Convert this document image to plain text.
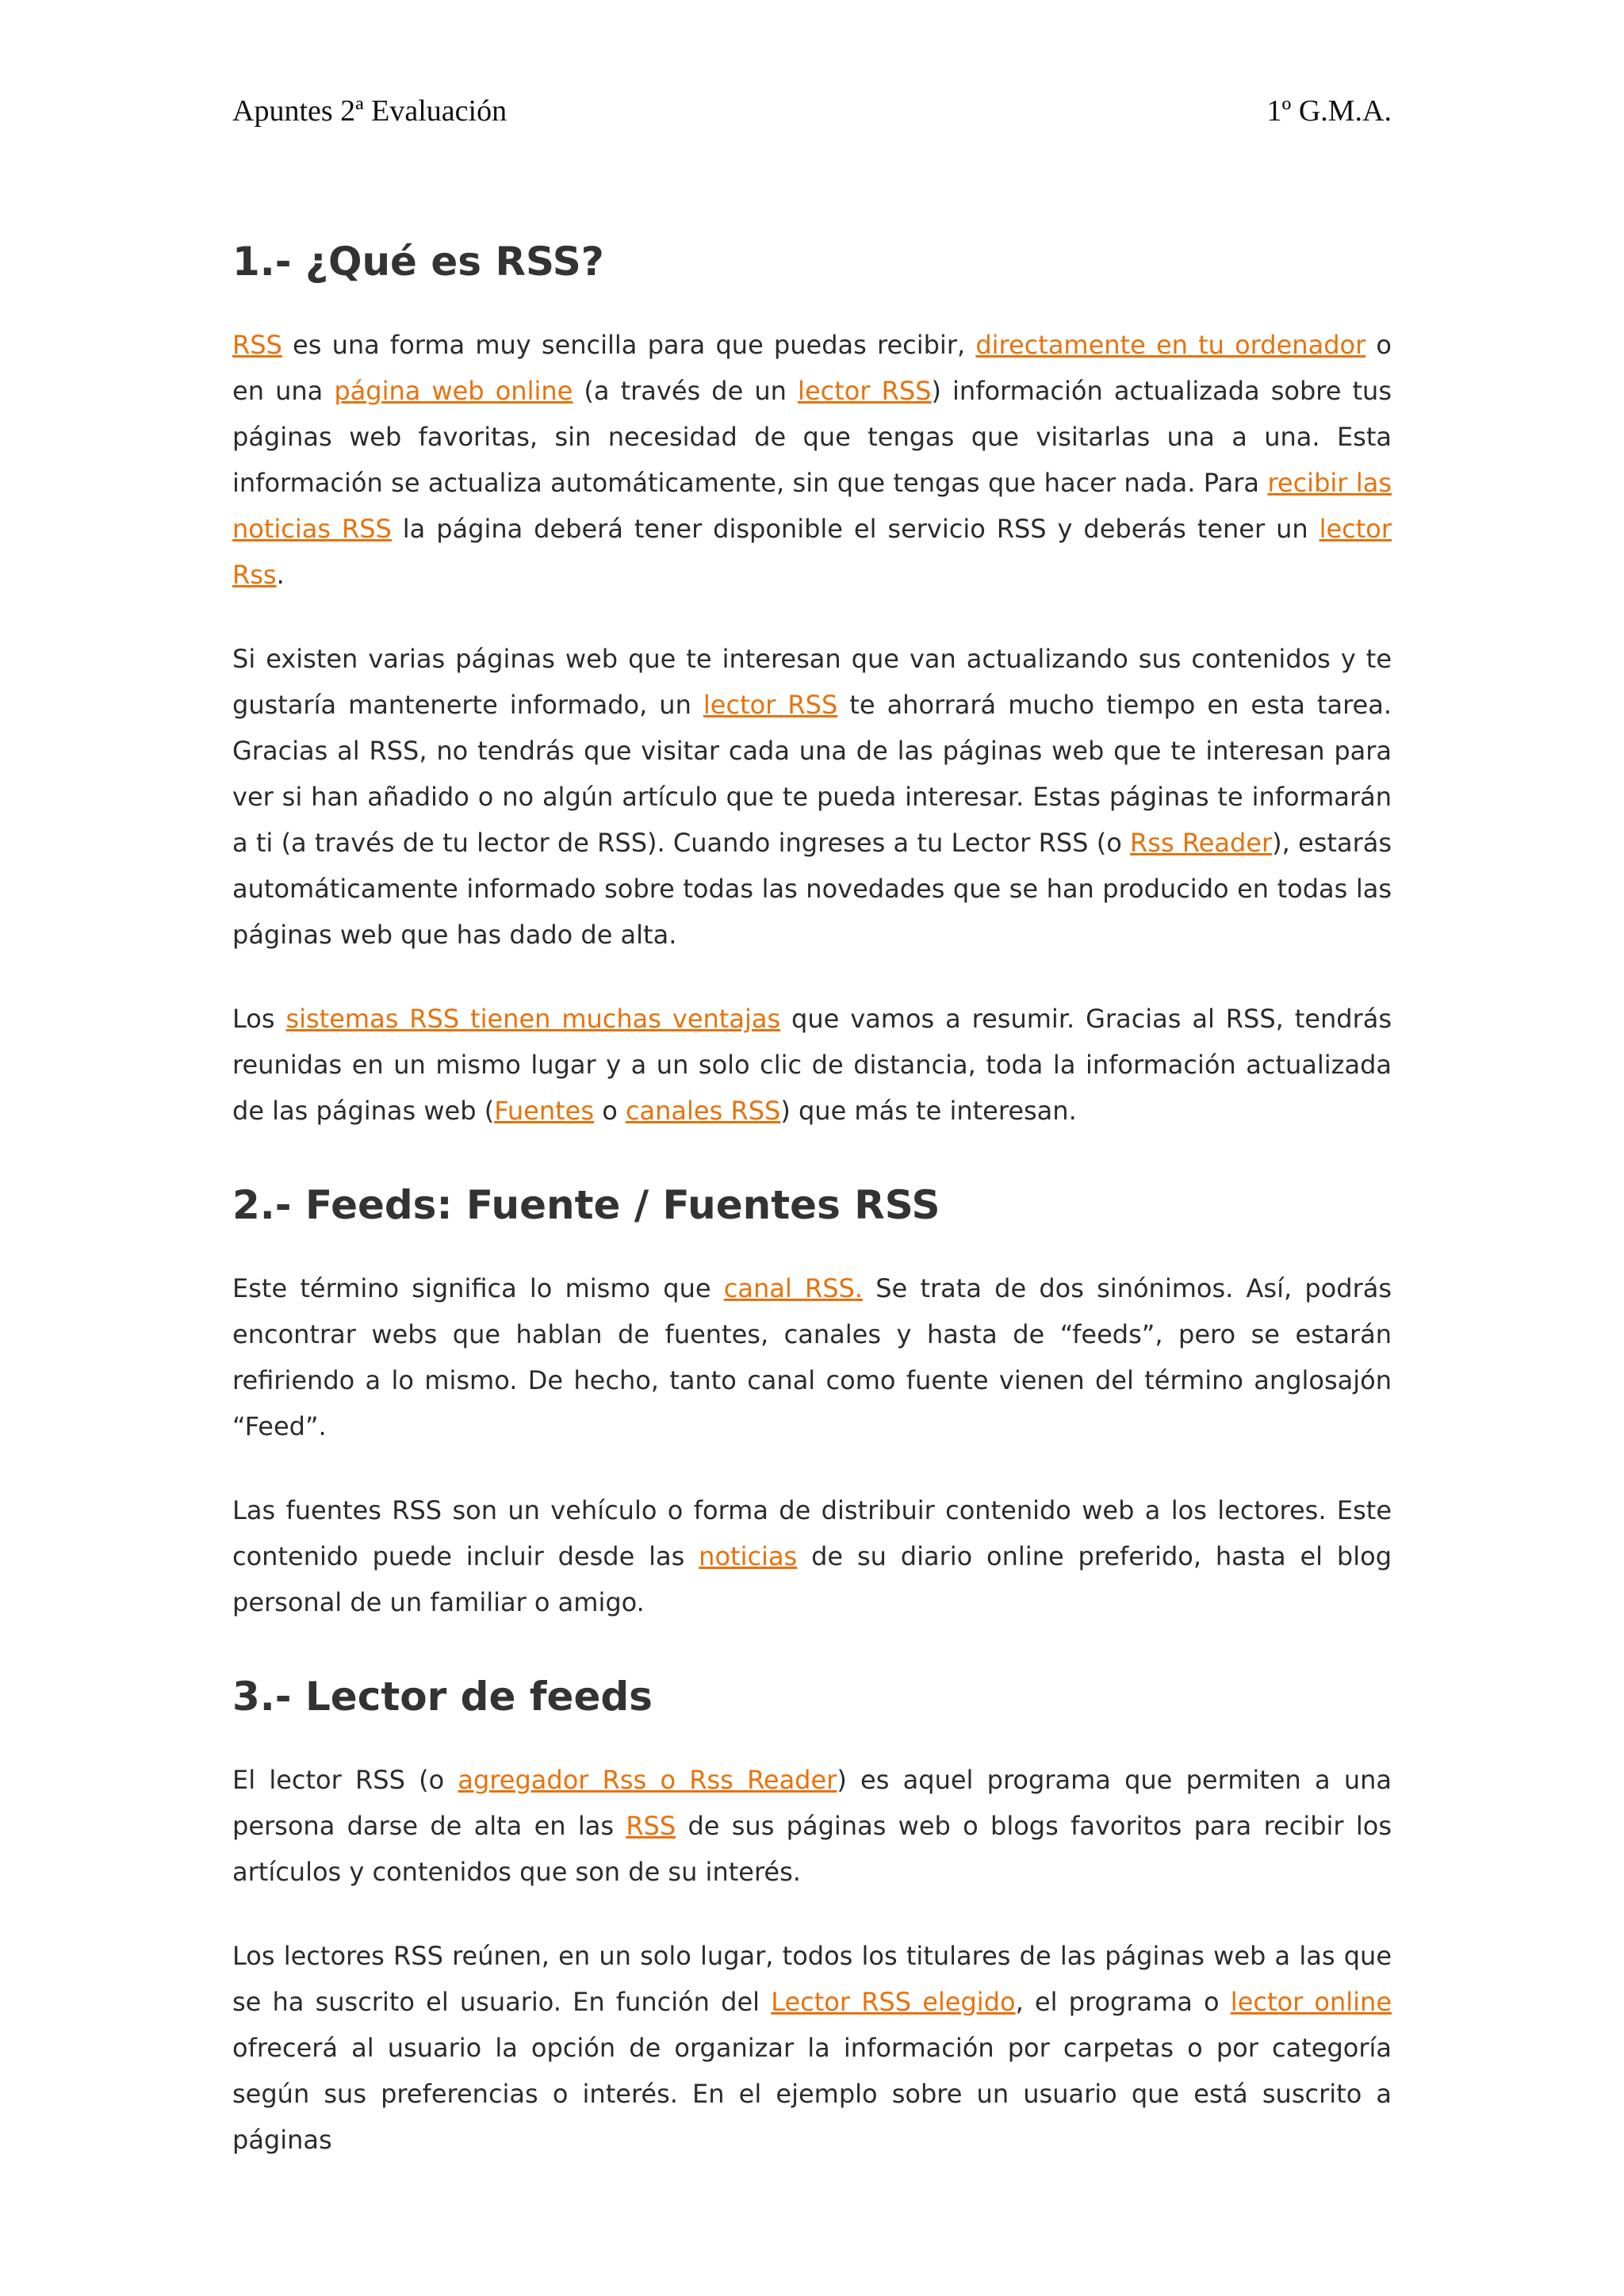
Apuntes 2ª Evaluación	1º G.M.A.
1.- ¿Qué es RSS?

RSS es una forma muy sencilla para que puedas recibir, directamente en tu ordenador o en una página web online (a través de un lector RSS) información actualizada sobre tus páginas web favoritas, sin necesidad de que tengas que visitarlas una a una. Esta información se actualiza automáticamente, sin que tengas que hacer nada. Para recibir las noticias RSS la página deberá tener disponible el servicio RSS y deberás tener un lector Rss.

Si existen varias páginas web que te interesan que van actualizando sus contenidos y te gustaría mantenerte informado, un lector RSS te ahorrará mucho tiempo en esta tarea. Gracias al RSS, no tendrás que visitar cada una de las páginas web que te interesan para ver si han añadido o no algún artículo que te pueda interesar. Estas páginas te informarán a ti (a través de tu lector de RSS). Cuando ingreses a tu Lector RSS (o Rss Reader), estarás automáticamente informado sobre todas las novedades que se han producido en todas las páginas web que has dado de alta.

Los sistemas RSS tienen muchas ventajas que vamos a resumir. Gracias al RSS, tendrás reunidas en un mismo lugar y a un solo clic de distancia, toda la información actualizada de las páginas web (Fuentes o canales RSS) que más te interesan.

2.- Feeds: Fuente / Fuentes RSS

Este término significa lo mismo que canal RSS. Se trata de dos sinónimos. Así, podrás encontrar webs que hablan de fuentes, canales y hasta de “feeds”, pero se estarán refiriendo a lo mismo. De hecho, tanto canal como fuente vienen del término anglosajón “Feed”.

Las fuentes RSS son un vehículo o forma de distribuir contenido web a los lectores. Este contenido puede incluir desde las noticias de su diario online preferido, hasta el blog personal de un familiar o amigo.

3.- Lector de feeds

El lector RSS (o agregador Rss o Rss Reader) es aquel programa que permiten a una persona darse de alta en las RSS de sus páginas web o blogs favoritos para recibir los artículos y contenidos que son de su interés.

Los lectores RSS reúnen, en un solo lugar, todos los titulares de las páginas web a las que se ha suscrito el usuario. En función del Lector RSS elegido, el programa o lector online ofrecerá al usuario la opción de organizar la información por carpetas o por categoría según sus preferencias o interés. En el ejemplo sobre un usuario que está suscrito a páginas
